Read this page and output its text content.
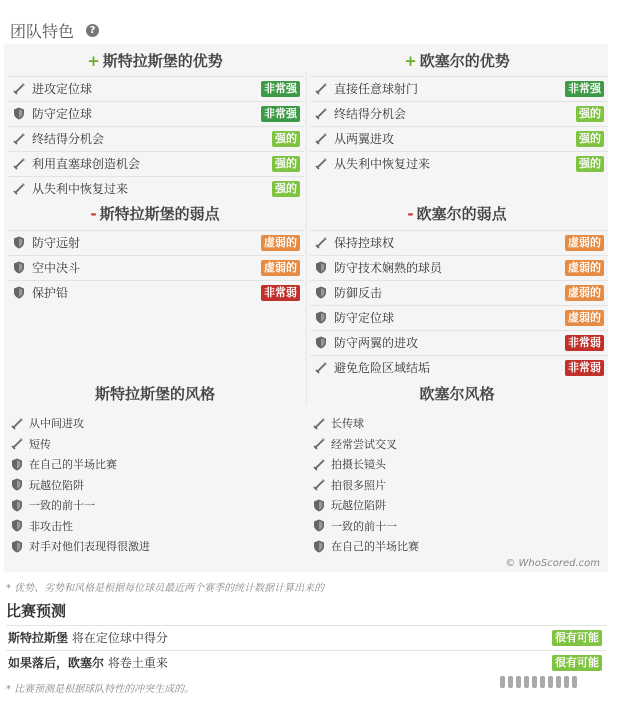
团队特色	?
+ 斯特拉斯堡的优势
进攻定位球	非常强
防守定位球	非常强
终结得分机会	强的
利用直塞球创造机会	强的
从失利中恢复过来	强的
- 斯特拉斯堡的弱点
防守远射	虚弱的
空中决斗	虚弱的
保护铅	非常弱
斯特拉斯堡的风格
从中间进攻
短传
在自己的半场比赛
玩越位陷阱
一致的前十一
非攻击性
对手对他们表现得很激进
+ 欧塞尔的优势
直接任意球射门	非常强
终结得分机会	强的
从两翼进攻	强的
从失利中恢复过来	强的
- 欧塞尔的弱点
保持控球权	虚弱的
防守技术娴熟的球员	虚弱的
防御反击	虚弱的
防守定位球	虚弱的
防守两翼的进攻	非常弱
避免危险区域结垢	非常弱
欧塞尔风格
长传球
经常尝试交叉
拍摄长镜头
拍很多照片
玩越位陷阱
一致的前十一
在自己的半场比赛
© WhoScored.com
* 优势、劣势和风格是根据每位球员最近两个赛季的统计数据计算出来的
比赛预测
斯特拉斯堡 将在定位球中得分	很有可能
如果落后，欧塞尔 将卷土重来	很有可能
* 比赛预测是根据球队特性的冲突生成的。
